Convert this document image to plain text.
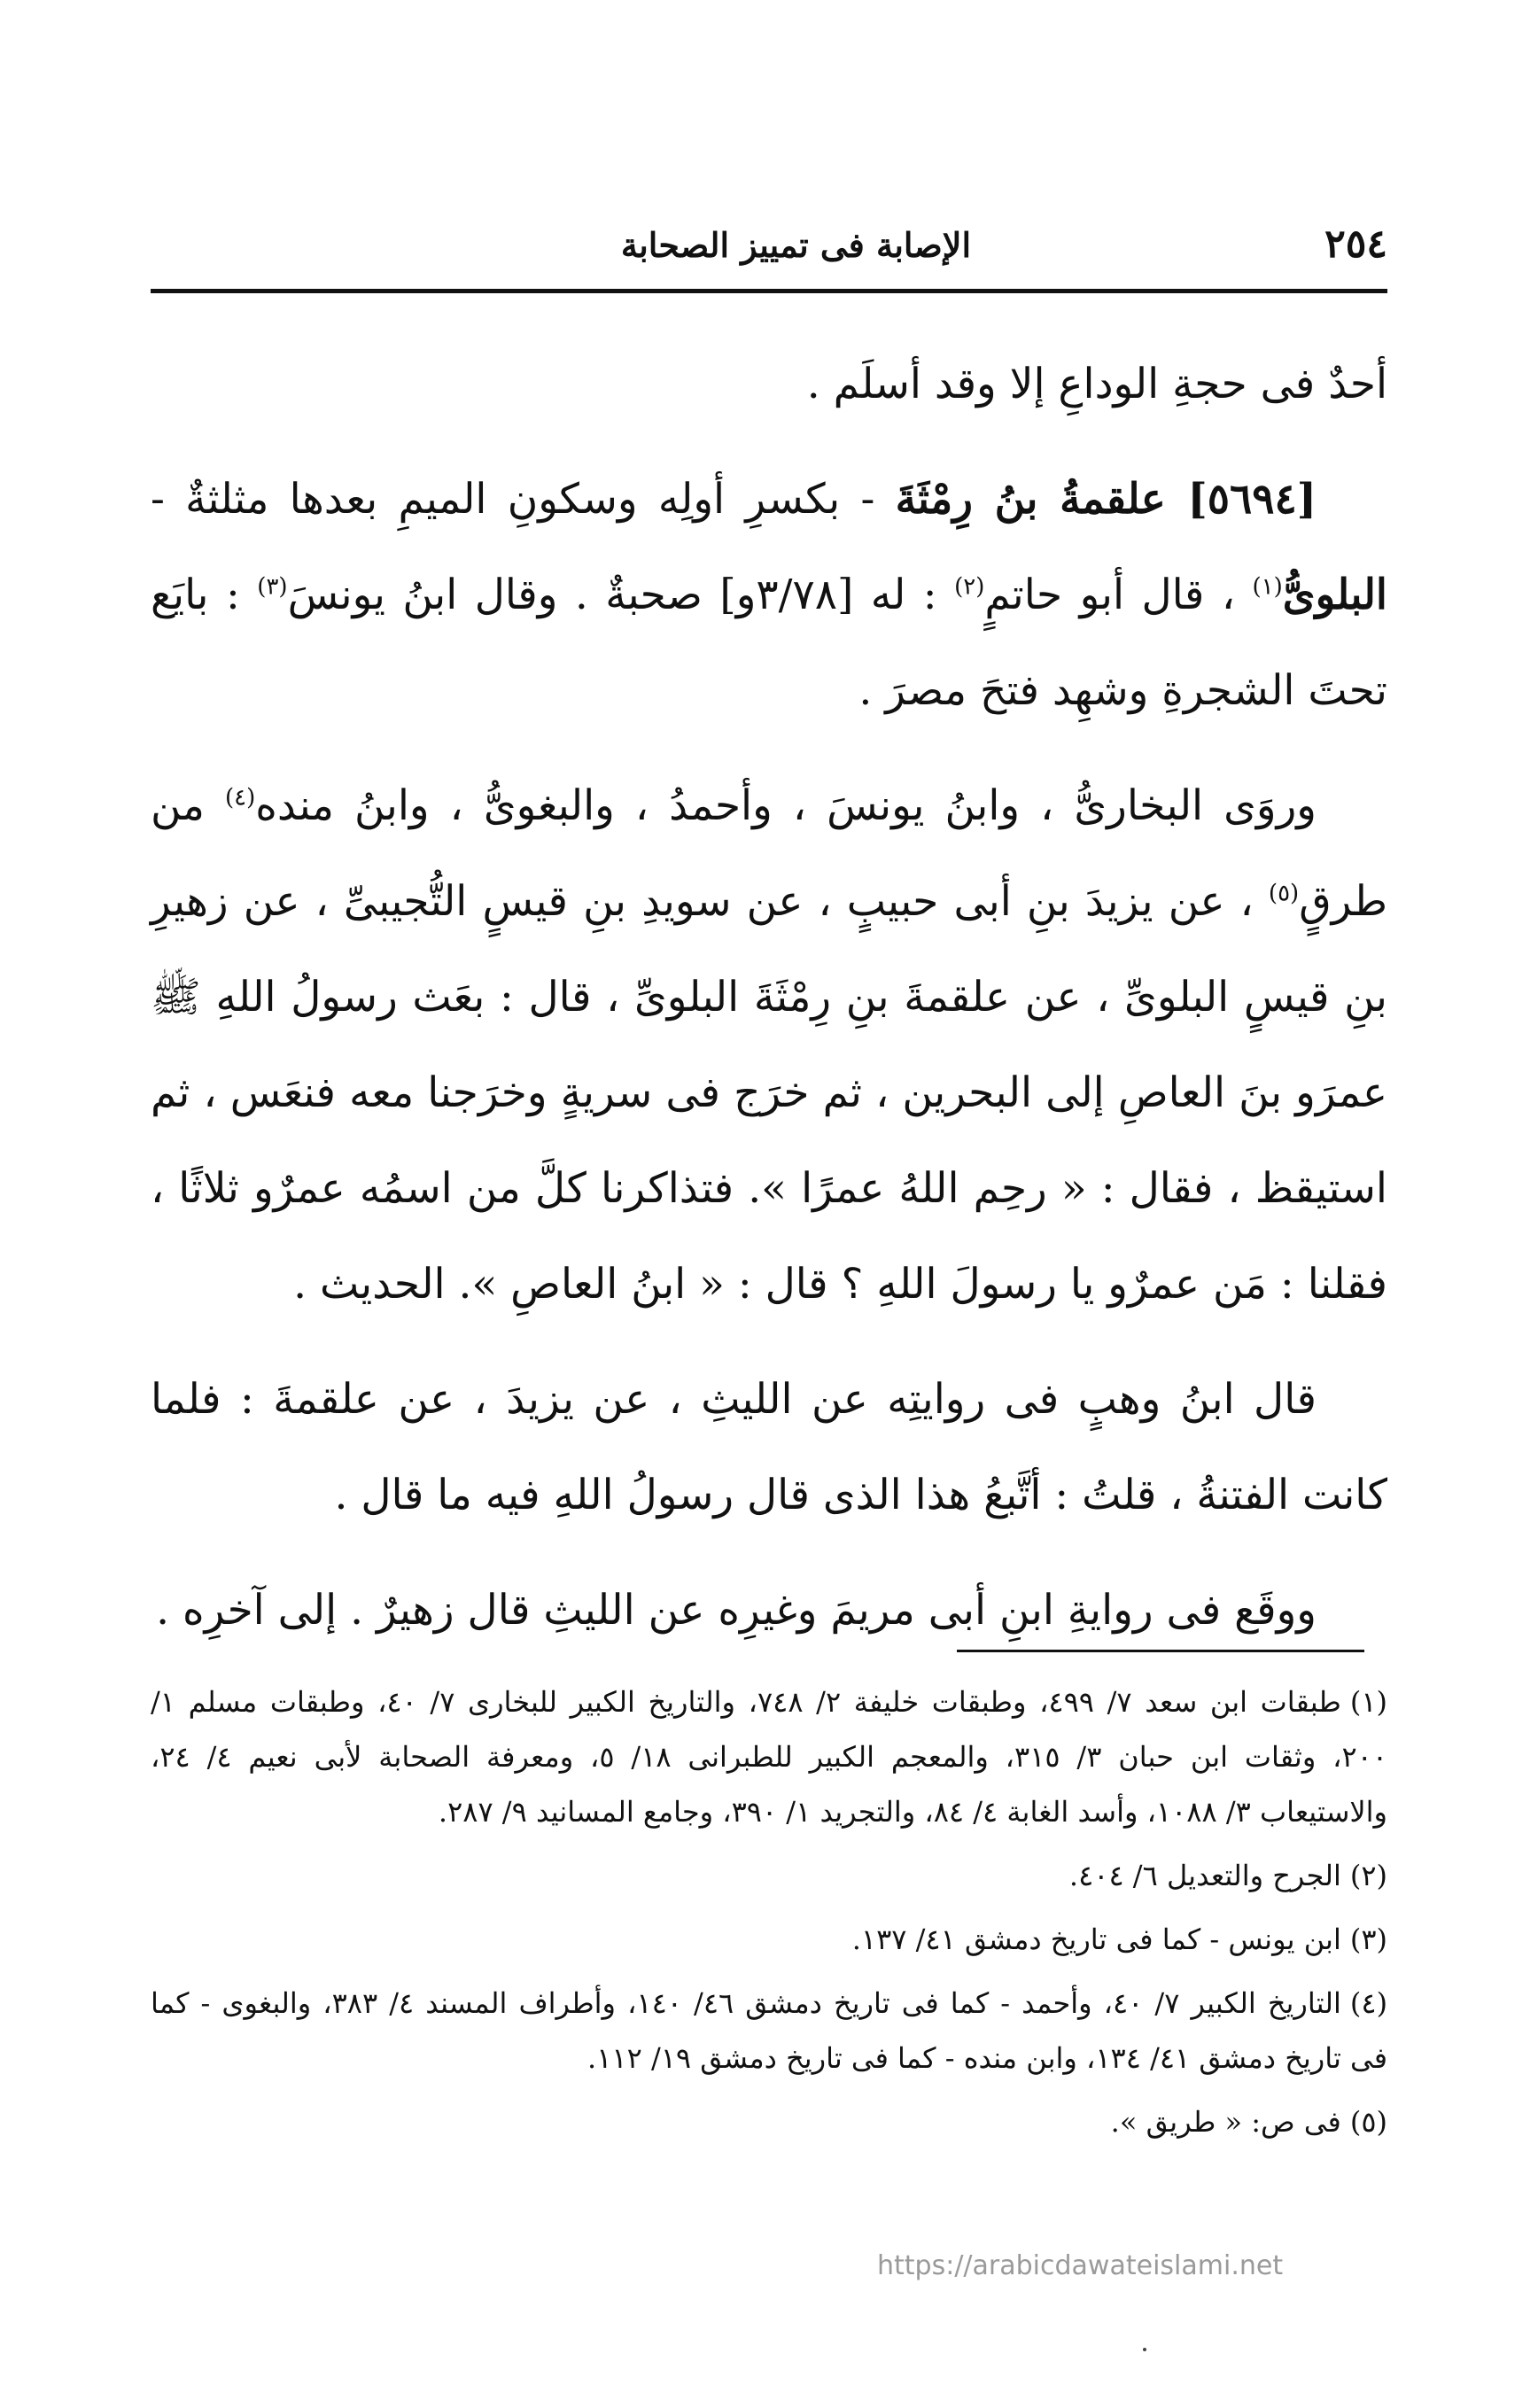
٢٥٤
الإصابة فى تمييز الصحابة

أحدٌ فى حجةِ الوداعِ إلا وقد أسلَم .

[٥٦٩٤] علقمةُ بنُ رِمْثَةَ - بكسرِ أولِه وسكونِ الميمِ بعدها مثلثةٌ - البلوىُّ$^{(١)}$ ، قال أبو حاتمٍ$^{(٢)}$ : له [٣/٧٨و] صحبةٌ . وقال ابنُ يونسَ$^{(٣)}$ : بايَع تحتَ الشجرةِ وشهِد فتحَ مصرَ .

وروَى البخارىُّ ، وابنُ يونسَ ، وأحمدُ ، والبغوىُّ ، وابنُ منده$^{(٤)}$ من طرقٍ$^{(٥)}$ ، عن يزيدَ بنِ أبى حبيبٍ ، عن سويدِ بنِ قيسٍ التُّجيبىِّ ، عن زهيرِ بنِ قيسٍ البلوىِّ ، عن علقمةَ بنِ رِمْثَةَ البلوىِّ ، قال : بعَث رسولُ اللهِ ﷺ عمرَو بنَ العاصِ إلى البحرين ، ثم خرَج فى سريةٍ وخرَجنا معه فنعَس ، ثم استيقظ ، فقال : « رحِم اللهُ عمرًا ». فتذاكرنا كلَّ من اسمُه عمرٌو ثلاثًا ، فقلنا : مَن عمرٌو يا رسولَ اللهِ ؟ قال : « ابنُ العاصِ ». الحديث .

قال ابنُ وهبٍ فى روايتِه عن الليثِ ، عن يزيدَ ، عن علقمةَ : فلما كانت الفتنةُ ، قلتُ : أتَّبعُ هذا الذى قال رسولُ اللهِ فيه ما قال .

ووقَع فى روايةِ ابنِ أبى مريمَ وغيرِه عن الليثِ قال زهيرٌ . إلى آخرِه .

(١)طبقات ابن سعد ٧/ ٤٩٩، وطبقات خليفة ٢/ ٧٤٨، والتاريخ الكبير للبخارى ٧/ ٤٠، وطبقات مسلم ١/ ٢٠٠، وثقات ابن حبان ٣/ ٣١٥، والمعجم الكبير للطبرانى ١٨/ ٥، ومعرفة الصحابة لأبى نعيم ٤/ ٢٤، والاستيعاب ٣/ ١٠٨٨، وأسد الغابة ٤/ ٨٤، والتجريد ١/ ٣٩٠، وجامع المسانيد ٩/ ٢٨٧.

(٢)الجرح والتعديل ٦/ ٤٠٤.

(٣)ابن يونس - كما فى تاريخ دمشق ٤١/ ١٣٧.

(٤)التاريخ الكبير ٧/ ٤٠، وأحمد - كما فى تاريخ دمشق ٤٦/ ١٤٠، وأطراف المسند ٤/ ٣٨٣، والبغوى - كما فى تاريخ دمشق ٤١/ ١٣٤، وابن منده - كما فى تاريخ دمشق ١٩/ ١١٢.

(٥)فى ص: « طريق ».

https://arabicdawateislami.net
